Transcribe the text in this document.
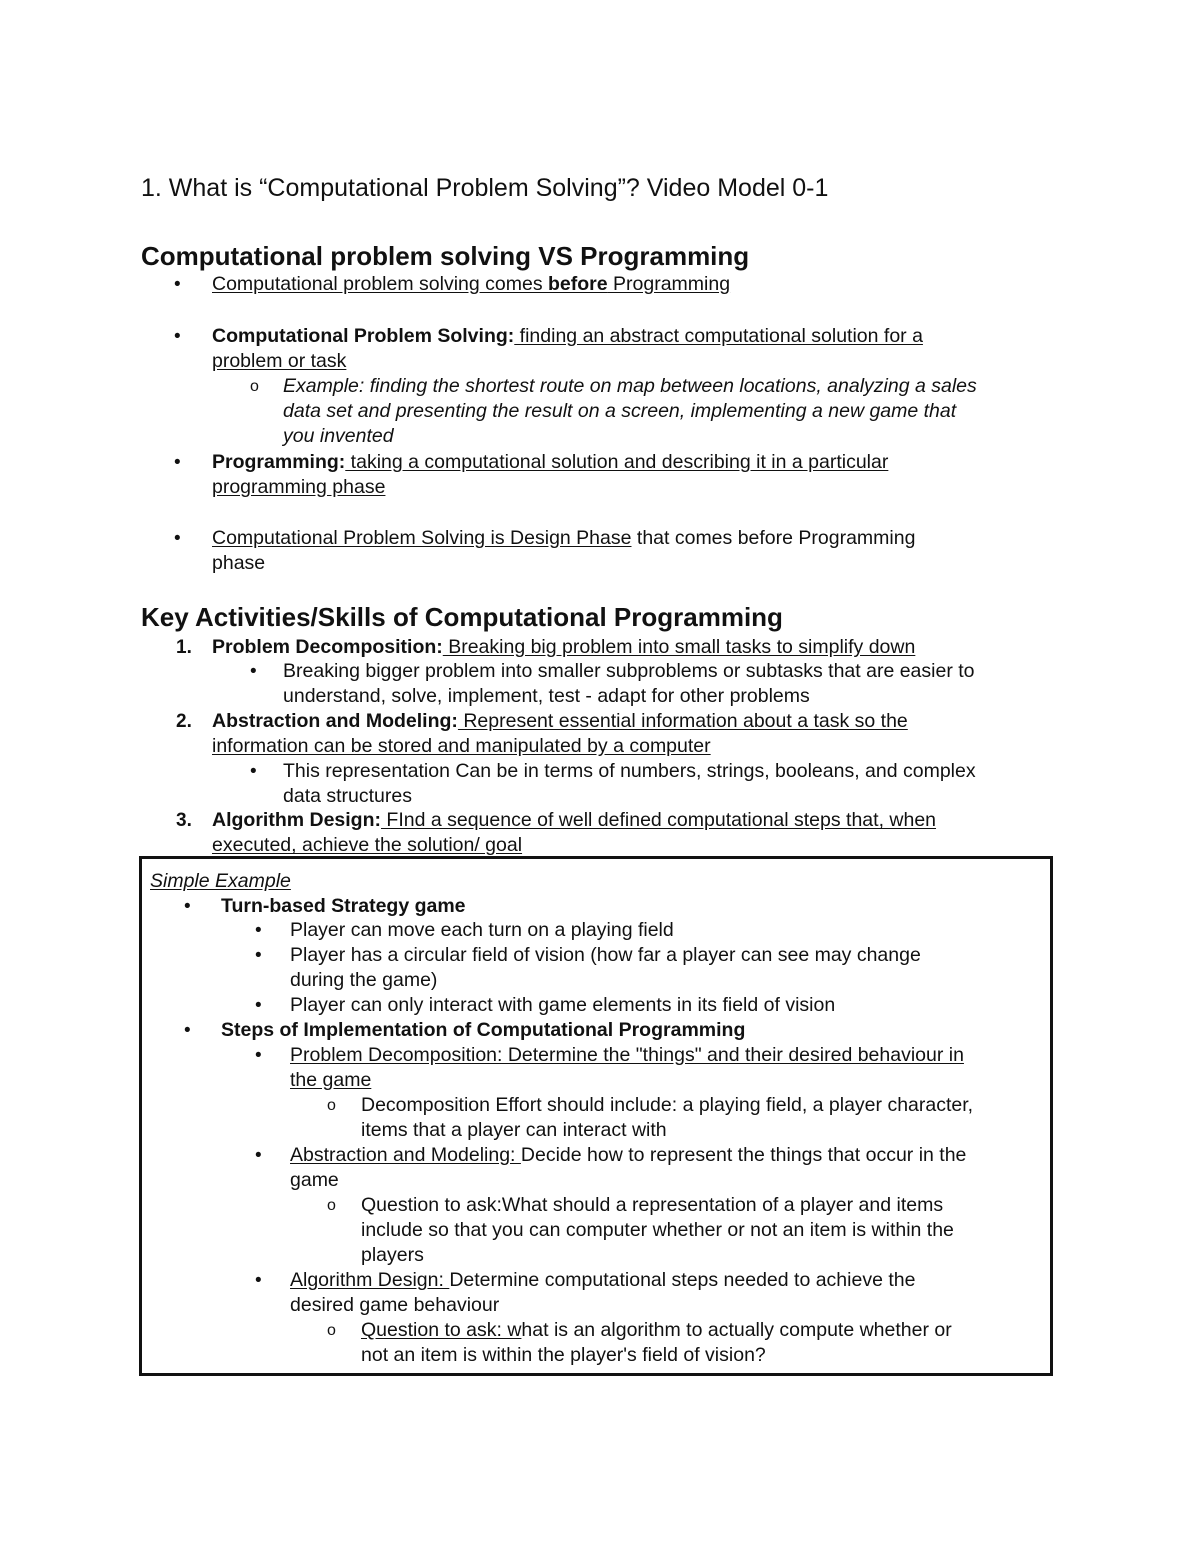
1. What is “Computational Problem Solving”? Video Model 0-1
Computational problem solving VS Programming
• Computational problem solving comes before Programming
• Computational Problem Solving: finding an abstract computational solution for a
problem or task
o Example: finding the shortest route on map between locations, analyzing a sales
data set and presenting the result on a screen, implementing a new game that
you invented
• Programming: taking a computational solution and describing it in a particular
programming phase
• Computational Problem Solving is Design Phase that comes before Programming
phase
Key Activities/Skills of Computational Programming
1. Problem Decomposition: Breaking big problem into small tasks to simplify down
• Breaking bigger problem into smaller subproblems or subtasks that are easier to
understand, solve, implement, test - adapt for other problems
2. Abstraction and Modeling: Represent essential information about a task so the
information can be stored and manipulated by a computer
• This representation Can be in terms of numbers, strings, booleans, and complex
data structures
3. Algorithm Design: FInd a sequence of well defined computational steps that, when
executed, achieve the solution/ goal
Simple Example
• Turn-based Strategy game
• Player can move each turn on a playing field
• Player has a circular field of vision (how far a player can see may change
during the game)
• Player can only interact with game elements in its field of vision
• Steps of Implementation of Computational Programming
• Problem Decomposition: Determine the "things" and their desired behaviour in
the game
o Decomposition Effort should include: a playing field, a player character,
items that a player can interact with
• Abstraction and Modeling: Decide how to represent the things that occur in the
game
o Question to ask:What should a representation of a player and items
include so that you can computer whether or not an item is within the
players
• Algorithm Design: Determine computational steps needed to achieve the
desired game behaviour
o Question to ask: what is an algorithm to actually compute whether or
not an item is within the player's field of vision?
